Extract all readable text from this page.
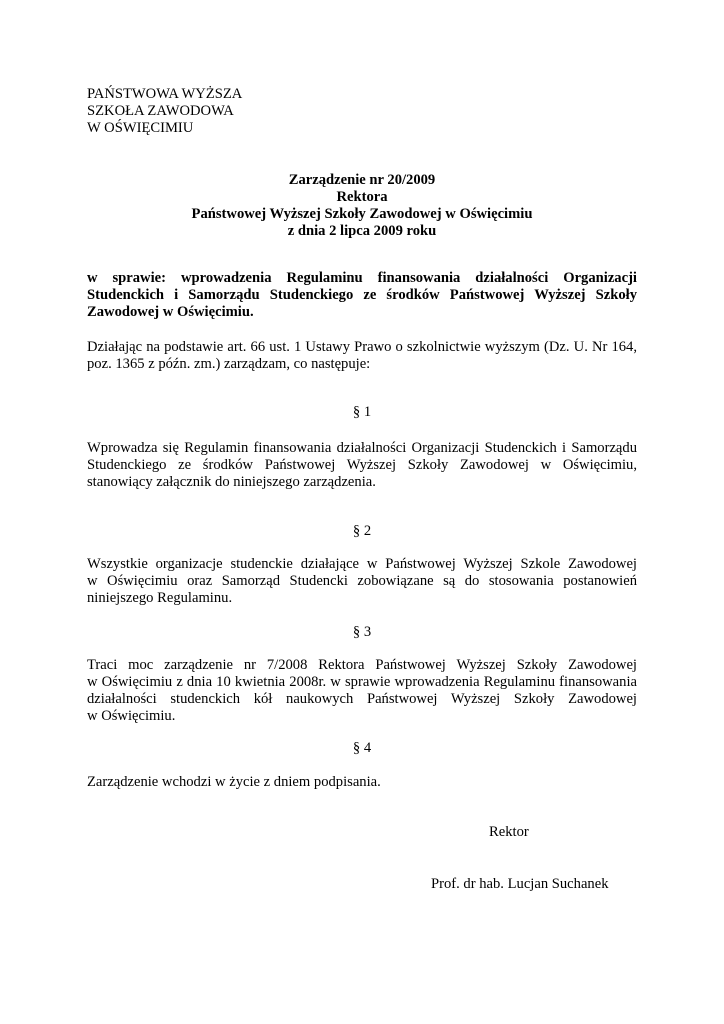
PAŃSTWOWA WYŻSZA
SZKOŁA ZAWODOWA
W OŚWIĘCIMIU
Zarządzenie nr 20/2009
Rektora
Państwowej Wyższej Szkoły Zawodowej w Oświęcimiu
z dnia 2 lipca 2009 roku
w sprawie: wprowadzenia Regulaminu finansowania działalności Organizacji
Studenckich i Samorządu Studenckiego ze środków Państwowej Wyższej Szkoły
Zawodowej w Oświęcimiu.
Działając na podstawie art. 66 ust. 1 Ustawy Prawo o szkolnictwie wyższym (Dz. U. Nr 164,
poz. 1365 z późn. zm.) zarządzam, co następuje:
§ 1
Wprowadza się Regulamin finansowania działalności Organizacji Studenckich i Samorządu
Studenckiego ze środków Państwowej Wyższej Szkoły Zawodowej w Oświęcimiu,
stanowiący załącznik do niniejszego zarządzenia.
§ 2
Wszystkie organizacje studenckie działające w Państwowej Wyższej Szkole Zawodowej
w Oświęcimiu oraz Samorząd Studencki zobowiązane są do stosowania postanowień
niniejszego Regulaminu.
§ 3
Traci moc zarządzenie nr 7/2008 Rektora Państwowej Wyższej Szkoły Zawodowej
w Oświęcimiu z dnia 10 kwietnia 2008r. w sprawie wprowadzenia Regulaminu finansowania
działalności studenckich kół naukowych Państwowej Wyższej Szkoły Zawodowej
w Oświęcimiu.
§ 4
Zarządzenie wchodzi w życie z dniem podpisania.
Rektor
Prof. dr hab. Lucjan Suchanek
